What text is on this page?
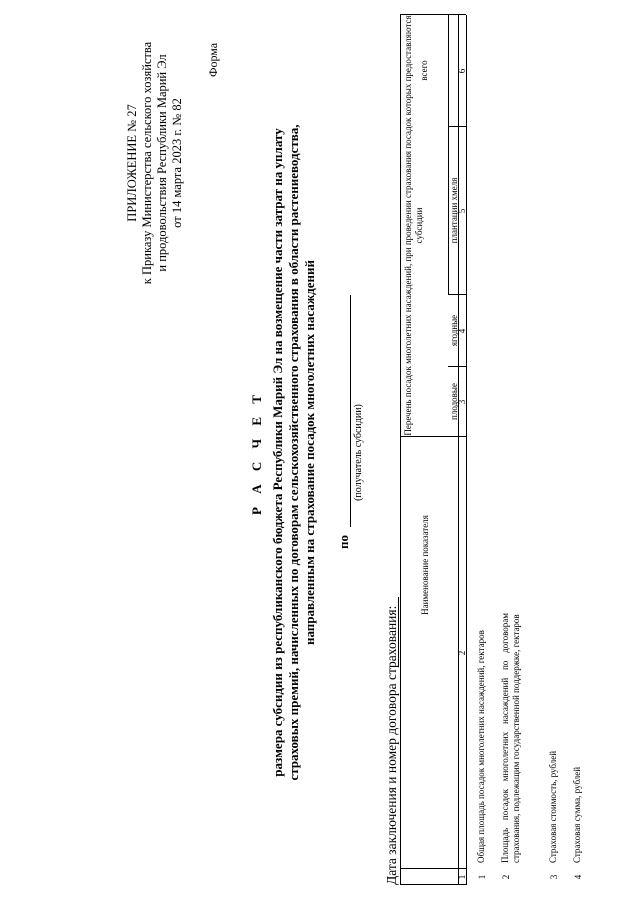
Форма
ПРИЛОЖЕНИЕ № 27 к Приказу Министерства сельского хозяйства и продовольствия Республики Марий Эл от 14 марта 2023 г. № 82
Р А С Ч Е Т размера субсидии из республиканского бюджета Республики Марий Эл на возмещение части затрат на уплату страховых премий, начисленных по договорам сельскохозяйственного страхования в области растениеводства, направленным на страхование посадок многолетних насаждений по
(получатель субсидии)
Дата заключения и номер договора страхования:
Наименование показателя
Перечень посадок многолетних насаждений, при проведении страхования посадок которых предоставляются субсидии
плодовые
ягодные
плантации хмеля
всего
1
2
3
4
5
6
1
Общая площадь посадок многолетних насаждений, гектаров
2
Площадь посадок многолетних насаждений по договорам страхования, подлежащим государственной поддержке, гектаров
3
Страховая стоимость, рублей
4
Страховая сумма, рублей
